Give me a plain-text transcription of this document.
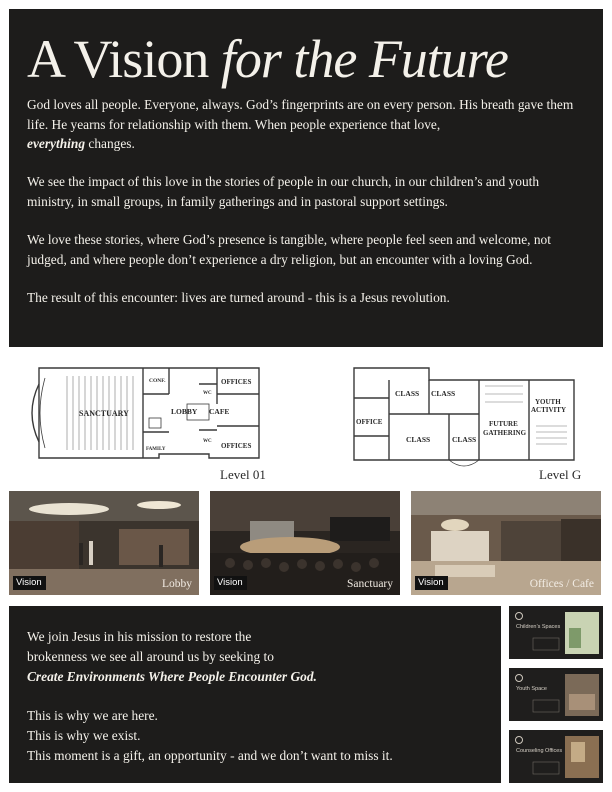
A Vision for the Future

God loves all people. Everyone, always. God’s fingerprints are on every person. His breath gave them life. He yearns for relationship with them. When people experience that love,
everything changes.

We see the impact of this love in the stories of people in our church, in our children’s and youth ministry, in small groups, in family gatherings and in pastoral support settings.

We love these stories, where God’s presence is tangible, where people feel seen and welcome, not judged, and where people don’t experience a dry religion, but an encounter with a loving God.

The result of this encounter: lives are turned around - this is a Jesus revolution.

SANCTUARY	LOBBY CAFE
OFFICES
OFFICES
CONF.
WC
WC
FAMILY
CLASS CLASS
OFFICE
CLASS	CLASS
FUTURE
GATHERING
YOUTH
ACTIVITY
Level 01	Level G
Vision	Lobby	Vision	Sanctuary	Vision	Offices / Cafe

We join Jesus in his mission to restore the
brokenness we see all around us by seeking to
Create Environments Where People Encounter God.

This is why we are here.
This is why we exist.
This moment is a gift, an opportunity - and we don’t want to miss it.

Children’s Spaces
Youth Space
Counseling Offices
